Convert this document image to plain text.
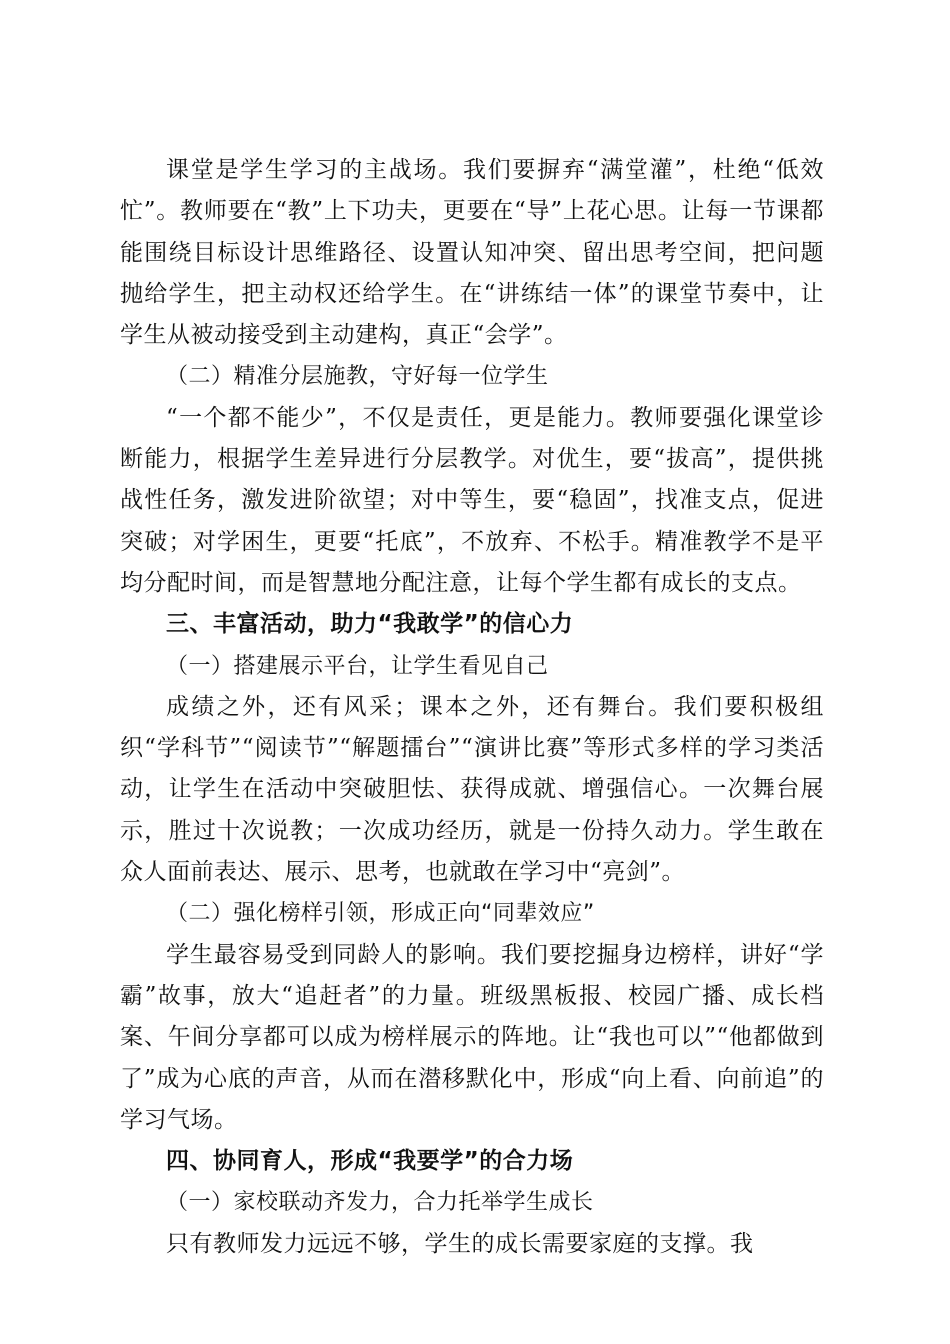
课堂是学生学习的主战场。我们要摒弃“满堂灌”，杜绝“低效忙”。教师要在“教”上下功夫，更要在“导”上花心思。让每一节课都能围绕目标设计思维路径、设置认知冲突、留出思考空间，把问题抛给学生，把主动权还给学生。在“讲练结一体”的课堂节奏中，让学生从被动接受到主动建构，真正“会学”。

（二）精准分层施教，守好每一位学生

“一个都不能少”，不仅是责任，更是能力。教师要强化课堂诊断能力，根据学生差异进行分层教学。对优生，要“拔高”，提供挑战性任务，激发进阶欲望；对中等生，要“稳固”，找准支点，促进突破；对学困生，更要“托底”，不放弃、不松手。精准教学不是平均分配时间，而是智慧地分配注意，让每个学生都有成长的支点。

三、丰富活动，助力“我敢学”的信心力

（一）搭建展示平台，让学生看见自己

成绩之外，还有风采；课本之外，还有舞台。我们要积极组织“学科节”“阅读节”“解题擂台”“演讲比赛”等形式多样的学习类活动，让学生在活动中突破胆怯、获得成就、增强信心。一次舞台展示，胜过十次说教；一次成功经历，就是一份持久动力。学生敢在众人面前表达、展示、思考，也就敢在学习中“亮剑”。

（二）强化榜样引领，形成正向“同辈效应”

学生最容易受到同龄人的影响。我们要挖掘身边榜样，讲好“学霸”故事，放大“追赶者”的力量。班级黑板报、校园广播、成长档案、午间分享都可以成为榜样展示的阵地。让“我也可以”“他都做到了”成为心底的声音，从而在潜移默化中，形成“向上看、向前追”的学习气场。

四、协同育人，形成“我要学”的合力场

（一）家校联动齐发力，合力托举学生成长

只有教师发力远远不够，学生的成长需要家庭的支撑。我
